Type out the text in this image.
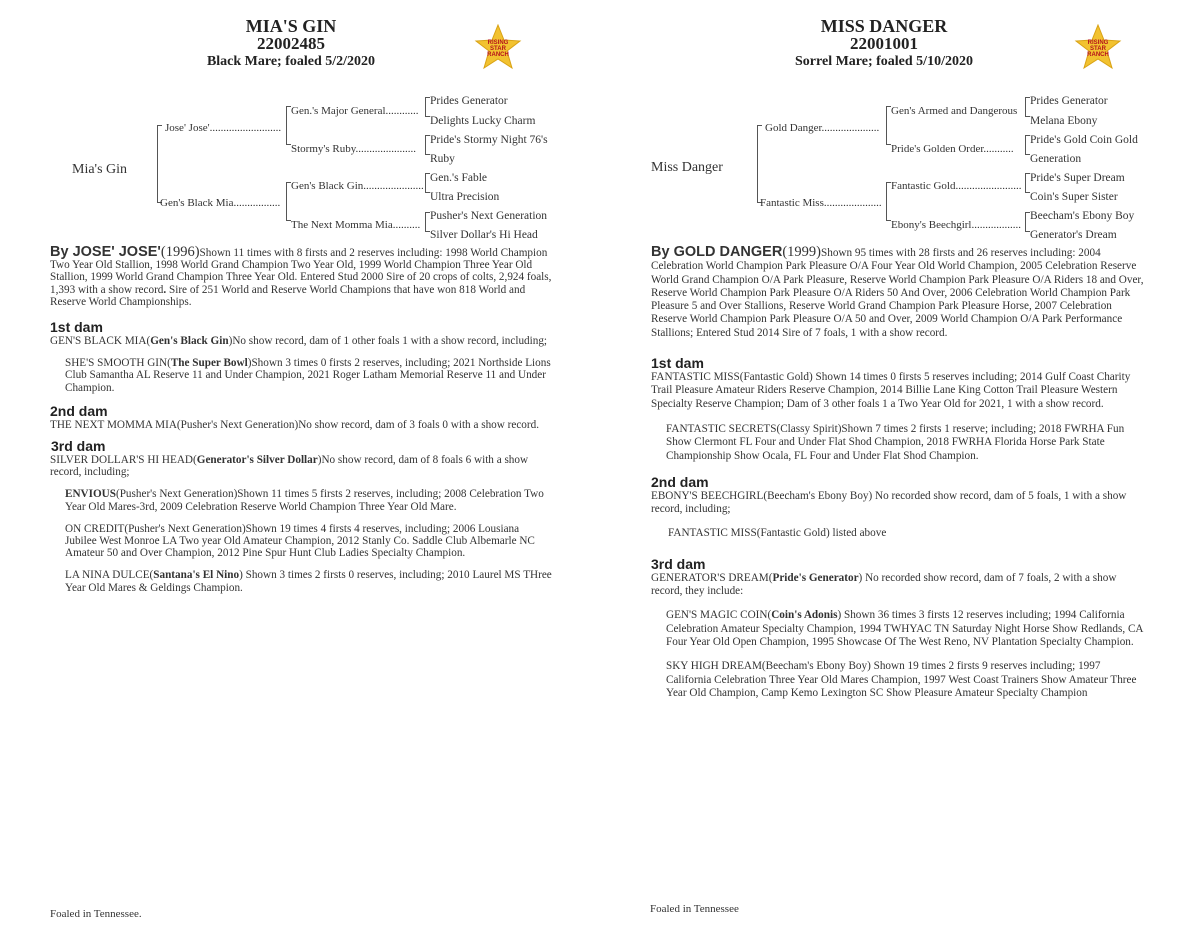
MIA'S GIN
22002485
Black Mare; foaled 5/2/2020
RISING
STAR
RANCH
Mia's Gin
Jose' Jose'..........................
Gen's Black Mia.................
Gen.'s Major General............
Stormy's Ruby......................
Gen's Black Gin......................
The Next Momma Mia..........
Prides Generator
Delights Lucky Charm
Pride's Stormy Night 76's
Ruby
Gen.'s Fable
Ultra Precision
Pusher's Next Generation
Silver Dollar's Hi Head

By JOSE' JOSE'(1996)Shown 11 times with 8 firsts and 2 reserves including: 1998 World Champion Two Year Old Stallion, 1998 World Grand Champion Two Year Old, 1999 World Champion Three Year Old Stallion, 1999 World Grand Champion Three Year Old. Entered Stud 2000 Sire of 20 crops of colts, 2,924 foals, 1,393 with a show record. Sire of 251 World and Reserve World Champions that have won 818 World and Reserve World Championships.

1st dam

GEN'S BLACK MIA(Gen's Black Gin)No show record, dam of 1 other foals 1 with a show record, including;

SHE'S SMOOTH GIN(The Super Bowl)Shown 3 times 0 firsts 2 reserves, including; 2021 Northside Lions Club Samantha AL Reserve 11 and Under Champion, 2021 Roger Latham Memorial Reserve 11 and Under Champion.

2nd dam

THE NEXT MOMMA MIA(Pusher's Next Generation)No show record, dam of 3 foals 0 with a show record.

3rd dam

SILVER DOLLAR'S HI HEAD(Generator's Silver Dollar)No show record, dam of 8 foals 6 with a show record, including;

ENVIOUS(Pusher's Next Generation)Shown 11 times 5 firsts 2 reserves, including; 2008 Celebration Two Year Old Mares-3rd, 2009 Celebration Reserve World Champion Three Year Old Mare.

ON CREDIT(Pusher's Next Generation)Shown 19 times 4 firsts 4 reserves, including; 2006 Lousiana Jubilee West Monroe LA Two year Old Amateur Champion, 2012 Stanly Co. Saddle Club Albemarle NC Amateur 50 and Over Champion, 2012 Pine Spur Hunt Club Ladies Specialty Champion.

LA NINA DULCE(Santana's El Nino) Shown 3 times 2 firsts 0 reserves, including; 2010 Laurel MS THree Year Old Mares & Geldings Champion.

Foaled in Tennessee.
MISS DANGER
22001001
Sorrel Mare; foaled 5/10/2020
RISING
STAR
RANCH
Miss Danger
Gold Danger.....................
Fantastic Miss.....................
Gen's Armed and Dangerous
Pride's Golden Order...........
Fantastic Gold........................
Ebony's Beechgirl..................
Prides Generator
Melana Ebony
Pride's Gold Coin Gold
Generation
Pride's Super Dream
Coin's Super Sister
Beecham's Ebony Boy
Generator's Dream

By GOLD DANGER(1999)Shown 95 times with 28 firsts and 26 reserves including: 2004 Celebration World Champion Park Pleasure O/A Four Year Old World Champion, 2005 Celebration Reserve World Grand Champion O/A Park Pleasure, Reserve World Champion Park Pleasure O/A Riders 18 and Over, Reserve World Champion Park Pleasure O/A Riders 50 And Over, 2006 Celebration World Champion Park Pleasure 5 and Over Stallions, Reserve World Grand Champion Park Pleasure Horse, 2007 Celebration Reserve World Champion Park Pleasure O/A 50 and Over, 2009 World Champion O/A Park Performance Stallions; Entered Stud 2014 Sire of 7 foals, 1 with a show record.

1st dam

FANTASTIC MISS(Fantastic Gold) Shown 14 times 0 firsts 5 reserves including; 2014 Gulf Coast Charity Trail Pleasure Amateur Riders Reserve Champion, 2014 Billie Lane King Cotton Trail Pleasure Western Specialty Reserve Champion; Dam of 3 other foals 1 a Two Year Old for 2021, 1 with a show record.

FANTASTIC SECRETS(Classy Spirit)Shown 7 times 2 firsts 1 reserve; including; 2018 FWRHA Fun Show Clermont FL Four and Under Flat Shod Champion, 2018 FWRHA Florida Horse Park State Championship Show Ocala, FL Four and Under Flat Shod Champion.

2nd dam

EBONY'S BEECHGIRL(Beecham's Ebony Boy) No recorded show record, dam of 5 foals, 1 with a show record, including;

FANTASTIC MISS(Fantastic Gold) listed above

3rd dam

GENERATOR'S DREAM(Pride's Generator) No recorded show record, dam of 7 foals, 2 with a show record, they include:

GEN'S MAGIC COIN(Coin's Adonis) Shown 36 times 3 firsts 12 reserves including; 1994 California Celebration Amateur Specialty Champion, 1994 TWHYAC TN Saturday Night Horse Show Redlands, CA Four Year Old Open Champion, 1995 Showcase Of The West Reno, NV Plantation Specialty Champion.

SKY HIGH DREAM(Beecham's Ebony Boy) Shown 19 times 2 firsts 9 reserves including; 1997 California Celebration Three Year Old Mares Champion, 1997 West Coast Trainers Show Amateur Three Year Old Champion, Camp Kemo Lexington SC Show Pleasure Amateur Specialty Champion

Foaled in Tennessee
